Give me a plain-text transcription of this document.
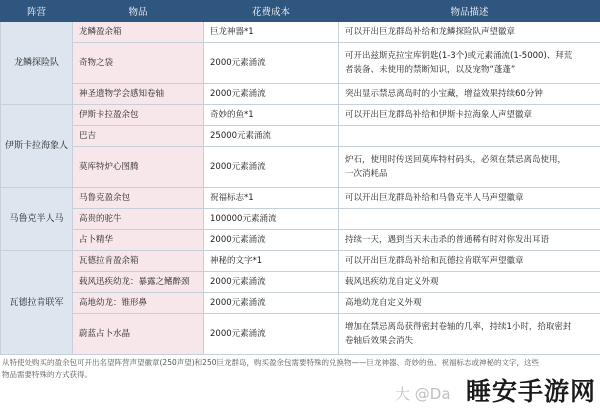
阵营	物品	花费成本	物品描述
龙鳞探险队	龙鳞盈余箱	巨龙神器*1	可以开出巨龙群岛补给和龙鳞探险队声望徽章

	奇物之袋	2000元素涌流	可开出兹斯克拉宝库钥匙(1-3个)或元素涌流(1-5000)、拜荒
者装备、未使用的禁断知识，以及宠物“蓬蓬”

	神圣遗物学会感知卷轴	2000元素涌流	突出显示禁忌离岛时的小宝藏，增益效果持续60分钟

伊斯卡拉海象人	伊斯卡拉盈余包	奇妙的鱼*1	可以开出巨龙群岛补给和伊斯卡拉海象人声望徽章

	巴吉	25000元素涌流	
	莫库特炉心图腾	2000元素涌流	炉石，使用时传送回莫库特村码头，必须在禁忌离岛使用，
一次消耗品

马鲁克半人马	马鲁克盈余包	祝福标志*1	可以开出巨龙群岛补给和马鲁克半人马声望徽章

	高贵的驼牛	100000元素涌流	
	占卜精华	2000元素涌流	持续一天，遇到当天未击杀的普通稀有时对你发出耳语

瓦德拉肯联军	瓦德拉肯盈余箱	神秘的文字*1	可以开出巨龙群岛补给和瓦德拉肯联军声望徽章

	载风迅疾幼龙：暴露之鳍醉颈	2000元素涌流	载风迅疾幼龙自定义外观

	高地幼龙：锥形鼻	2000元素涌流	高地幼龙自定义外观

	蔚蓝占卜水晶	2000元素涌流	增加在禁忌离岛获得密封卷轴的几率，持续1小时，拾取密封
卷轴后效果会消失
从特使处购买的盈余包可开出名望阵营声望徽章(250声望)和250巨龙群岛，购买盈余包需要特殊的兑换物——巨龙神器、奇妙的鱼、祝福标志或神秘的文字，这些
物品需要特殊的方式获得。
大 @Da 睡安手游网
